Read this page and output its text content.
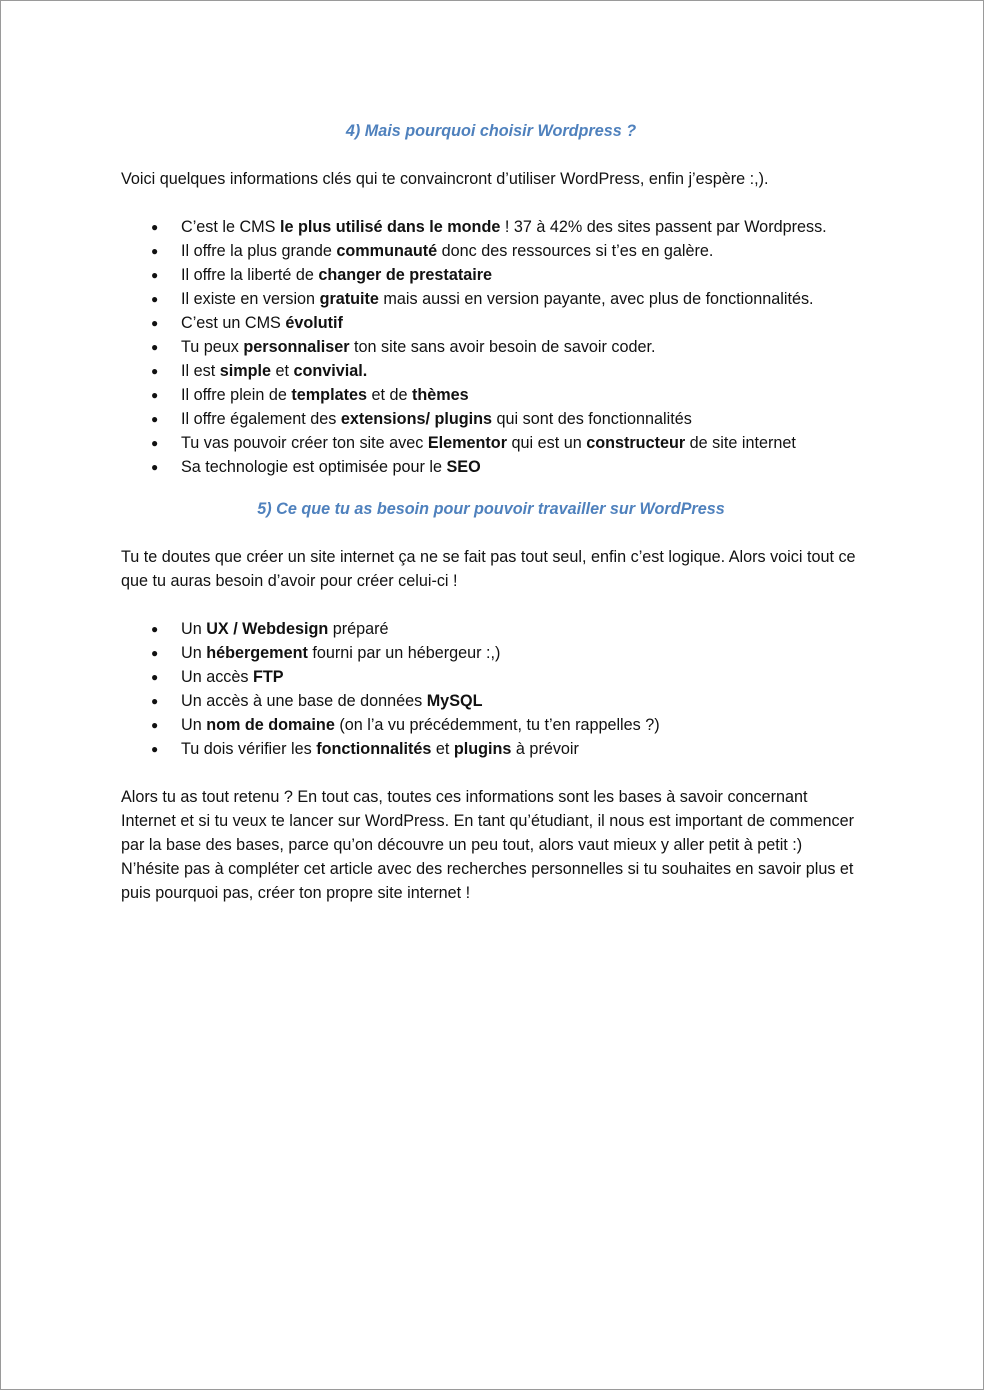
4) Mais pourquoi choisir Wordpress ?

Voici quelques informations clés qui te convaincront d’utiliser WordPress, enfin j’espère :,).

● C’est le CMS le plus utilisé dans le monde ! 37 à 42% des sites passent par Wordpress.
● Il offre la plus grande communauté donc des ressources si t’es en galère.
● Il offre la liberté de changer de prestataire
● Il existe en version gratuite mais aussi en version payante, avec plus de fonctionnalités.
● C’est un CMS évolutif
● Tu peux personnaliser ton site sans avoir besoin de savoir coder.
● Il est simple et convivial.
● Il offre plein de templates et de thèmes
● Il offre également des extensions/ plugins qui sont des fonctionnalités
● Tu vas pouvoir créer ton site avec Elementor qui est un constructeur de site internet
● Sa technologie est optimisée pour le SEO
5) Ce que tu as besoin pour pouvoir travailler sur WordPress

Tu te doutes que créer un site internet ça ne se fait pas tout seul, enfin c’est logique. Alors voici tout ce que tu auras besoin d’avoir pour créer celui-ci !

● Un UX / Webdesign préparé
● Un hébergement fourni par un hébergeur :,)
● Un accès FTP
● Un accès à une base de données MySQL
● Un nom de domaine (on l’a vu précédemment, tu t’en rappelles ?)
● Tu dois vérifier les fonctionnalités et plugins à prévoir

Alors tu as tout retenu ? En tout cas, toutes ces informations sont les bases à savoir concernant Internet et si tu veux te lancer sur WordPress. En tant qu’étudiant, il nous est important de commencer par la base des bases, parce qu’on découvre un peu tout, alors vaut mieux y aller petit à petit :) N’hésite pas à compléter cet article avec des recherches personnelles si tu souhaites en savoir plus et puis pourquoi pas, créer ton propre site internet !
